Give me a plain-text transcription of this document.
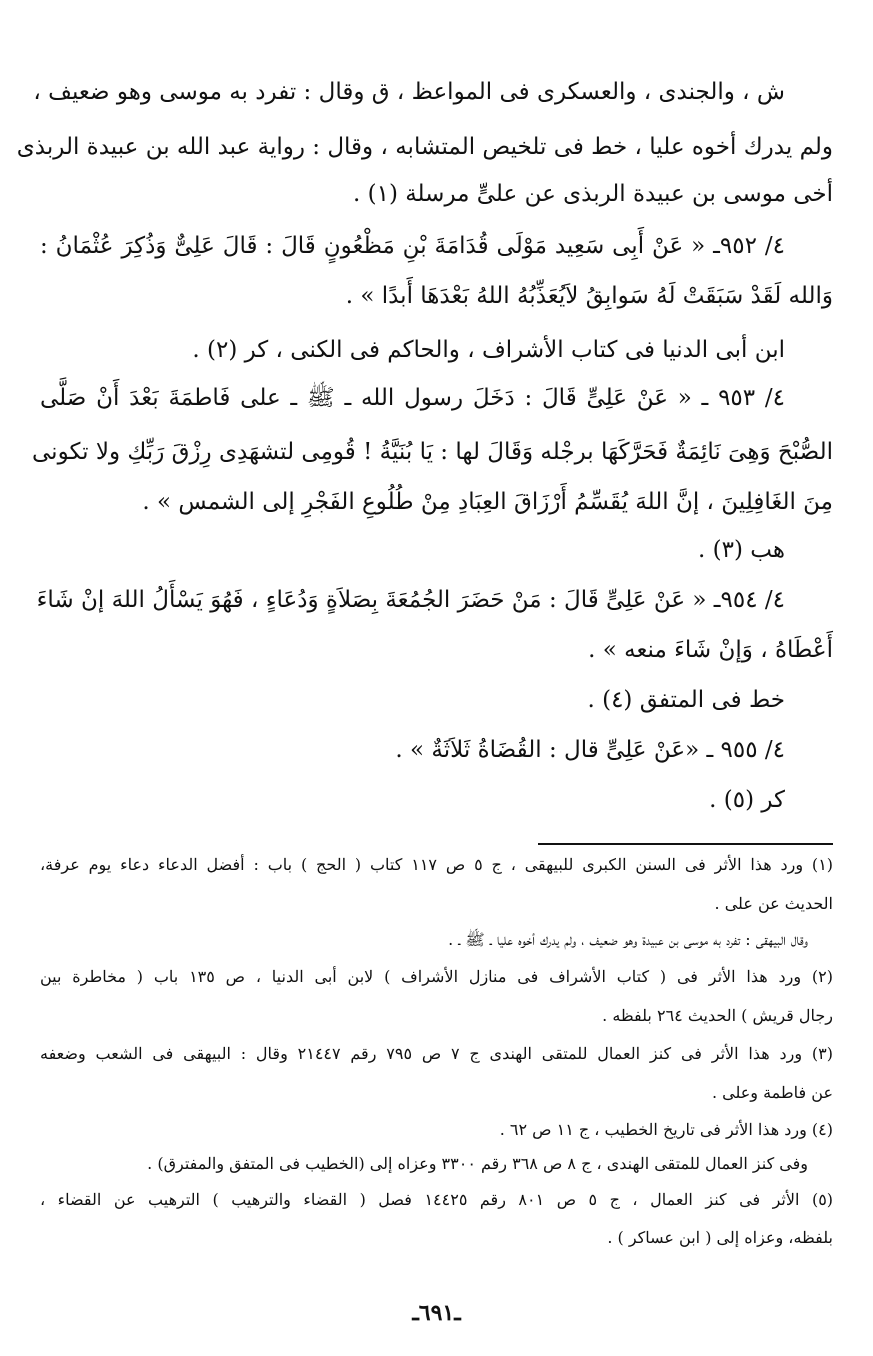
ش ، والجندى ، والعسكرى فى المواعظ ، ق وقال : تفرد به موسى وهو ضعيف ،
ولم يدرك أخوه عليا ، خط فى تلخيص المتشابه ، وقال : رواية عبد الله بن عبيدة الربذى
أخى موسى بن عبيدة الربذى عن علىٍّ مرسلة (١) .
٤/ ٩٥٢ـ « عَنْ أَبِى سَعِيد مَوْلَى قُدَامَةَ بْنِ مَظْعُونٍ قَالَ : قَالَ عَلِىٌّ وَذُكِرَ عُثْمَانُ :
وَالله لَقَدْ سَبَقَتْ لَهُ سَوابِقُ لاَيُعَذِّبُهُ اللهُ بَعْدَهَا أَبدًا » .
ابن أبى الدنيا فى كتاب الأشراف ، والحاكم فى الكنى ، كر (٢) .
٤/ ٩٥٣ ـ « عَنْ عَلِىٍّ قَالَ : دَخَلَ رسول الله ـ ﷺ ـ على فَاطمَةَ بَعْدَ أَنْ صَلَّى
الصُّبْحَ وَهِىَ نَائِمَةٌ فَحَرَّكَهَا برجْله وَقَالَ لها : يَا بُنَيَّةُ ! قُومِى لتشهَدِى رِزْقَ رَبِّكِ ولا تكونى
مِنَ الغَافِلِينَ ، إنَّ اللهَ يُقَسِّمُ أَرْزَاقَ العِبَادِ مِنْ طُلُوعِ الفَجْرِ إلى الشمس » .
هب (٣) .
٤/ ٩٥٤ـ « عَنْ عَلِىٍّ قَالَ : مَنْ حَضَرَ الجُمُعَةَ بِصَلاَةٍ وَدُعَاءٍ ، فَهُوَ يَسْأَلُ اللهَ إنْ شَاءَ
أَعْطَاهُ ، وَإنْ شَاءَ منعه » .
خط فى المتفق (٤) .
٤/ ٩٥٥ ـ «عَنْ عَلِىٍّ قال : القُضَاةُ ثَلاَثَةٌ » .
كر (٥) .
(١) ورد هذا الأثر فى السنن الكبرى للبيهقى ، ج ٥ ص ١١٧ كتاب ( الحج ) باب : أفضل الدعاء دعاء يوم عرفة،
الحديث عن على .
وقال البيهقى : تفرد به موسى بن عبيدة وهو ضعيف ، ولم يدرك أخوه عليا ـ ﷺ ـ .
(٢) ورد هذا الأثر فى ( كتاب الأشراف فى منازل الأشراف ) لابن أبى الدنيا ، ص ١٣٥ باب ( مخاطرة بين
رجال قريش ) الحديث ٢٦٤ بلفظه .
(٣) ورد هذا الأثر فى كنز العمال للمتقى الهندى ج ٧ ص ٧٩٥ رقم ٢١٤٤٧ وقال : البيهقى فى الشعب وضعفه
عن فاطمة وعلى .
(٤) ورد هذا الأثر فى تاريخ الخطيب ، ج ١١ ص ٦٢ .
وفى كنز العمال للمتقى الهندى ، ج ٨ ص ٣٦٨ رقم ٣٣٠٠ وعزاه إلى (الخطيب فى المتفق والمفترق) .
(٥) الأثر فى كنز العمال ، ج ٥ ص ٨٠١ رقم ١٤٤٢٥ فصل ( القضاء والترهيب ) الترهيب عن القضاء ،
بلفظه، وعزاه إلى ( ابن عساكر ) .
ـ٦٩١ـ
